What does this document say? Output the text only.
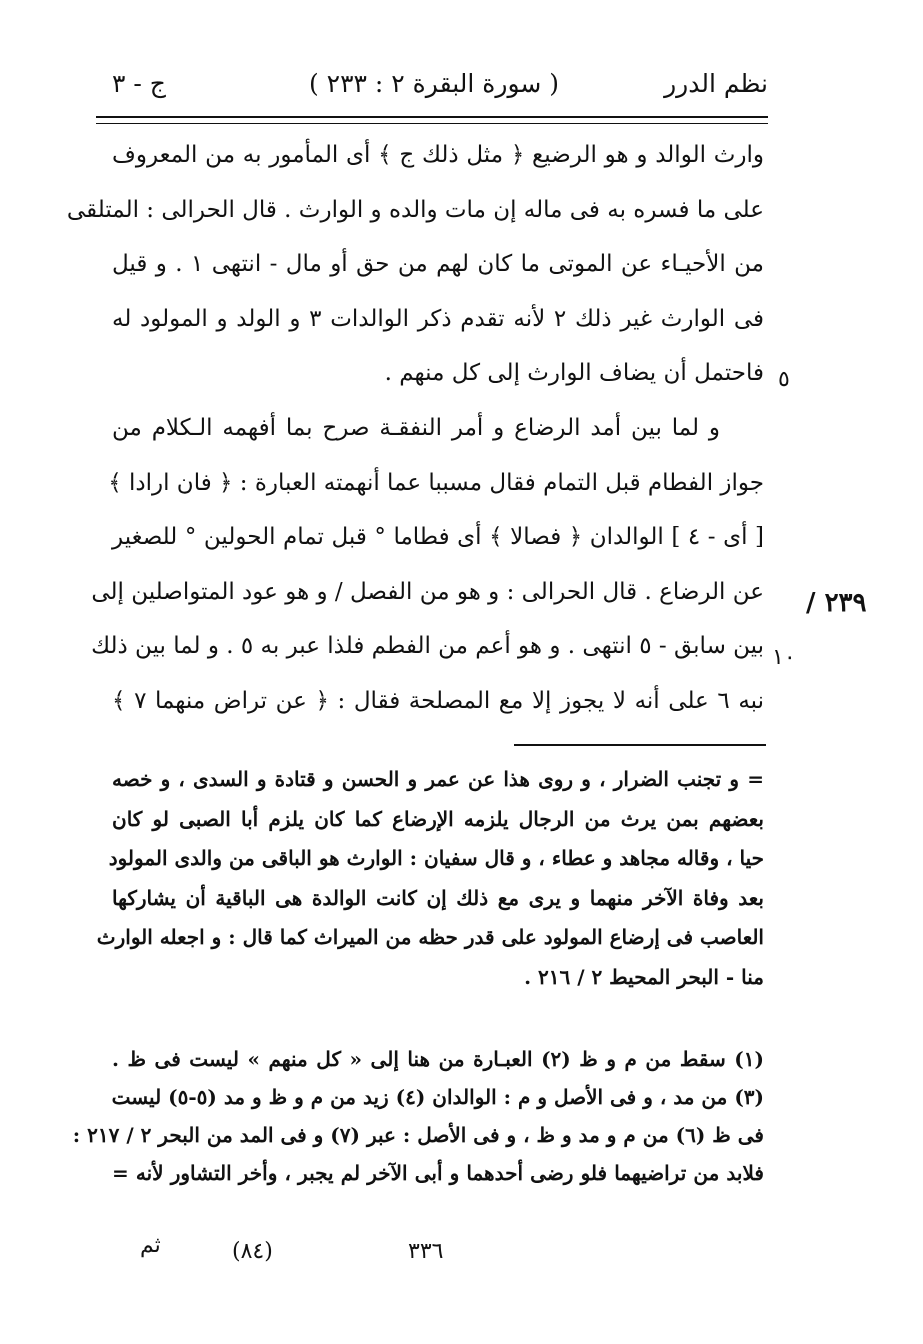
نظم الدرر
( سورة البقرة ٢ : ٢٣٣ )
ج - ٣
وارث الوالد و هو الرضيع ﴿ مثل ذلك ج ﴾ أى المأمور به من المعروف
على ما فسره به فى ماله إن مات والده و الوارث . قال الحرالى : المتلقى
من الأحيـاء عن الموتى ما كان لهم من حق أو مال - انتهى ١ . و قيل
فى الوارث غير ذلك ٢ لأنه تقدم ذكر الوالدات ٣ و الولد و المولود له
فاحتمل أن يضاف الوارث إلى كل منهم .
و لما بين أمد الرضاع و أمر النفقـة صرح بما أفهمه الـكلام من
جواز الفطام قبل التمام فقال مسببا عما أنهمته العبارة : ﴿ فان ارادا ﴾
[ أى - ٤ ] الوالدان ﴿ فصالا ﴾ أى فطاما ° قبل تمام الحولين ° للصغير
عن الرضاع . قال الحرالى : و هو من الفصل / و هو عود المتواصلين إلى
بين سابق - ٥ انتهى . و هو أعم من الفطم فلذا عبر به ٥ . و لما بين ذلك
نبه ٦ على أنه لا يجوز إلا مع المصلحة فقال : ﴿ عن تراض منهما ٧ ﴾
٥
١٠
٢٣٩ /
= و تجنب الضرار ، و روى هذا عن عمر و الحسن و قتادة و السدى ، و خصه
بعضهم بمن يرث من الرجال يلزمه الإرضاع كما كان يلزم أبا الصبى لو كان
حيا ، وقاله مجاهد و عطاء ، و قال سفيان : الوارث هو الباقى من والدى المولود
بعد وفاة الآخر منهما و يرى مع ذلك إن كانت الوالدة هى الباقية أن يشاركها
العاصب فى إرضاع المولود على قدر حظه من الميراث كما قال : و اجعله الوارث
منا - البحر المحيط ٢ / ٢١٦ .
(١) سقط من م و ظ (٢) العبـارة من هنا إلى « كل منهم » ليست فى ظ .
(٣) من مد ، و فى الأصل و م : الوالدان (٤) زيد من م و ظ و مد (٥-٥) ليست
فى ظ (٦) من م و مد و ظ ، و فى الأصل : عبر (٧) و فى المد من البحر ٢ / ٢١٧ :
فلابد من تراضيهما فلو رضى أحدهما و أبى الآخر لم يجبر ، وأخر التشاور لأنه =
٣٣٦
(٨٤)
ثم
